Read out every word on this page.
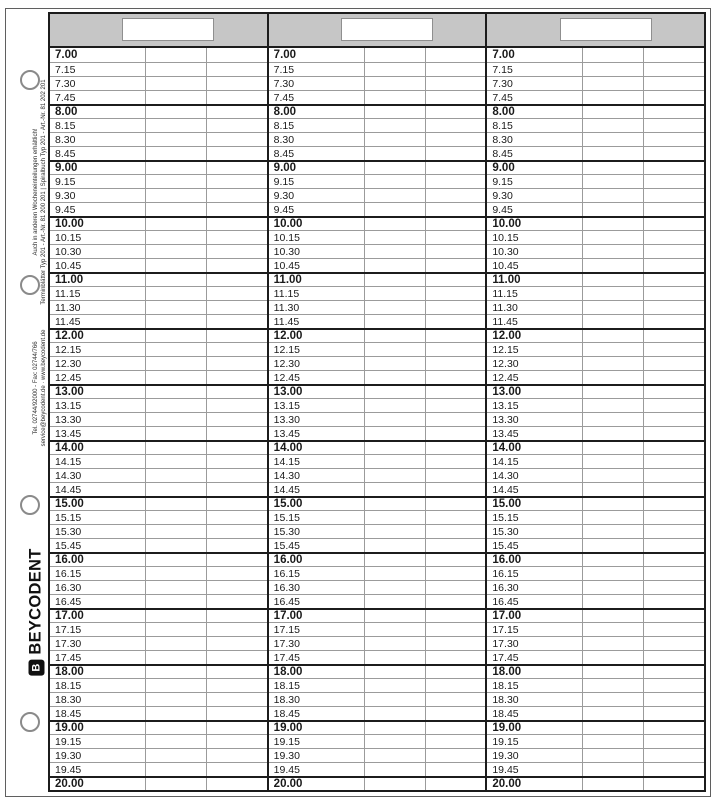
Auch in anderen Wocheneinteilungen erhältlich! Terminblätter Typ 201 - Art.-Nr. 81 200 201 | Spiralbuch Typ 201 - Art.-Nr. 81 202 201
Tel. 02744/92000 - Fax: 02744/766 service@beycodent.de · www.beycodent.de
B
BEYCODENT
7.00
7.15
7.30
7.45
8.00
8.15
8.30
8.45
9.00
9.15
9.30
9.45
10.00
10.15
10.30
10.45
11.00
11.15
11.30
11.45
12.00
12.15
12.30
12.45
13.00
13.15
13.30
13.45
14.00
14.15
14.30
14.45
15.00
15.15
15.30
15.45
16.00
16.15
16.30
16.45
17.00
17.15
17.30
17.45
18.00
18.15
18.30
18.45
19.00
19.15
19.30
19.45
20.00
7.00
7.15
7.30
7.45
8.00
8.15
8.30
8.45
9.00
9.15
9.30
9.45
10.00
10.15
10.30
10.45
11.00
11.15
11.30
11.45
12.00
12.15
12.30
12.45
13.00
13.15
13.30
13.45
14.00
14.15
14.30
14.45
15.00
15.15
15.30
15.45
16.00
16.15
16.30
16.45
17.00
17.15
17.30
17.45
18.00
18.15
18.30
18.45
19.00
19.15
19.30
19.45
20.00
7.00
7.15
7.30
7.45
8.00
8.15
8.30
8.45
9.00
9.15
9.30
9.45
10.00
10.15
10.30
10.45
11.00
11.15
11.30
11.45
12.00
12.15
12.30
12.45
13.00
13.15
13.30
13.45
14.00
14.15
14.30
14.45
15.00
15.15
15.30
15.45
16.00
16.15
16.30
16.45
17.00
17.15
17.30
17.45
18.00
18.15
18.30
18.45
19.00
19.15
19.30
19.45
20.00
